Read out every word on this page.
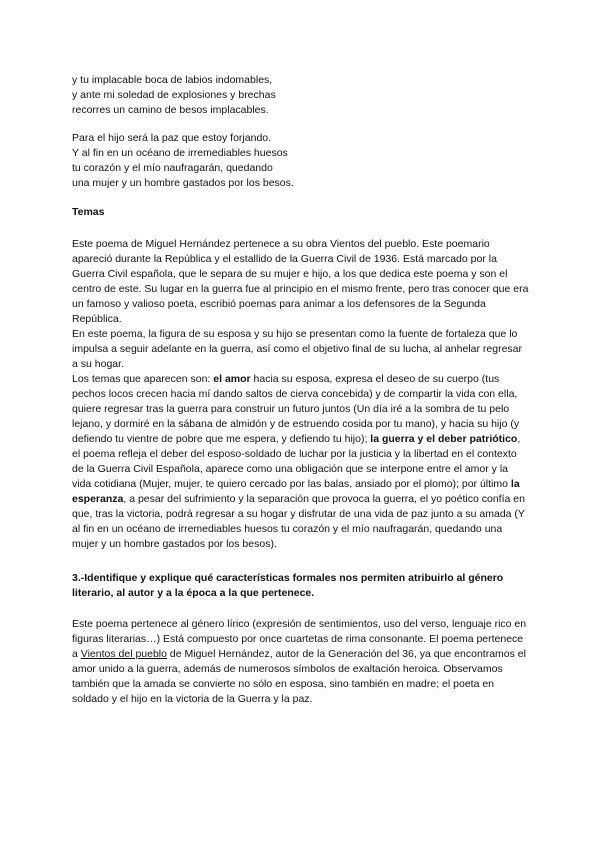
y tu implacable boca de labios indomables,
y ante mi soledad de explosiones y brechas
recorres un camino de besos implacables.
Para el hijo será la paz que estoy forjando.
Y al fin en un océano de irremediables huesos
tu corazón y el mío naufragarán, quedando
una mujer y un hombre gastados por los besos.
Temas

Este poema de Miguel Hernández pertenece a su obra Vientos del pueblo. Este poemario apareció durante la República y el estallido de la Guerra Civil de 1936. Está marcado por la Guerra Civil española, que le separa de su mujer e hijo, a los que dedica este poema y son el centro de este. Su lugar en la guerra fue al principio en el mismo frente, pero tras conocer que era un famoso y valioso poeta, escribió poemas para animar a los defensores de la Segunda República.

En este poema, la figura de su esposa y su hijo se presentan como la fuente de fortaleza que lo impulsa a seguir adelante en la guerra, así como el objetivo final de su lucha, al anhelar regresar a su hogar.

Los temas que aparecen son: el amor hacia su esposa, expresa el deseo de su cuerpo (tus pechos locos crecen hacia mí dando saltos de cierva concebida) y de compartir la vida con ella, quiere regresar tras la guerra para construir un futuro juntos (Un día iré a la sombra de tu pelo lejano, y dormiré en la sábana de almidón y de estruendo cosida por tu mano), y hacia su hijo (y defiendo tu vientre de pobre que me espera, y defiendo tu hijo); la guerra y el deber patriótico, el poema refleja el deber del esposo-soldado de luchar por la justicia y la libertad en el contexto de la Guerra Civil Española, aparece como una obligación que se interpone entre el amor y la vida cotidiana (Mujer, mujer, te quiero cercado por las balas, ansiado por el plomo); por último la esperanza, a pesar del sufrimiento y la separación que provoca la guerra, el yo poético confía en que, tras la victoria, podrá regresar a su hogar y disfrutar de una vida de paz junto a su amada (Y al fin en un océano de irremediables huesos tu corazón y el mío naufragarán, quedando una mujer y un hombre gastados por los besos).

3.-Identifique y explique qué características formales nos permiten atribuirlo al género literario, al autor y a la época a la que pertenece.

Este poema pertenece al género lírico (expresión de sentimientos, uso del verso, lenguaje rico en figuras literarias…) Está compuesto por once cuartetas de rima consonante. El poema pertenece a Vientos del pueblo de Miguel Hernández, autor de la Generación del 36, ya que encontramos el amor unido a la guerra, además de numerosos símbolos de exaltación heroica. Observamos también que la amada se convierte no sólo en esposa, sino también en madre; el poeta en soldado y el hijo en la victoria de la Guerra y la paz.
